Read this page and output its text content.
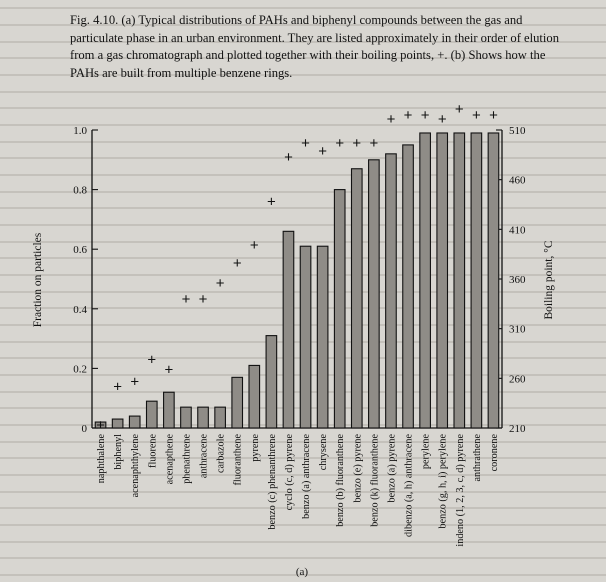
Fig. 4.10. (a) Typical distributions of PAHs and biphenyl compounds between the gas and particulate phase in an urban environment. They are listed approximately in their order of elution from a gas chromatograph and plotted together with their boiling points, +. (b) Shows how the PAHs are built from multiple benzene rings.
+
+ +
+
+
+ +
+
+
+
+
+
+ + + + +
+ + + +
+ + +
0
0.2
0.4
0.6
0.8
1.0
210
260
310
360
410
460
510
naphthalene biphenyl acenaphthylene fluorene acenapthene phenathrene anthracene carbazole fluoranthene pyrene benzo (c) phenanthrene cyclo (c, d) pyrene benzo (a) anthracene chrysene benzo (b) fluoranthene benzo (e) pyrene benzo (k) fluoranthene benzo (a) pyrene dibenzo (a, h) anthracene perylene benzo (g, h, i) perylene indeno (1, 2, 3, c, d) pyrene anthrathene coronene
Fraction on particles	Boiling point, °C
(a)
